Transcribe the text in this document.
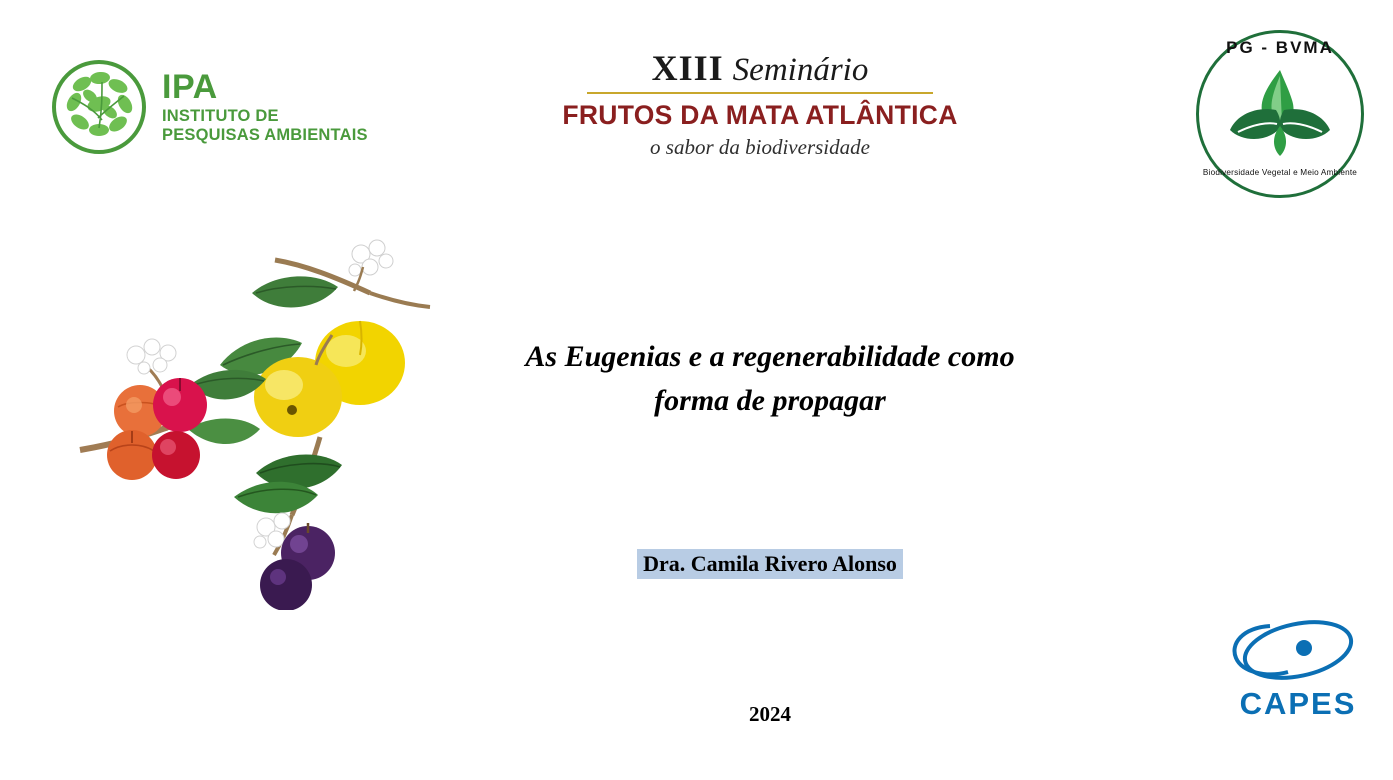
IPA
INSTITUTO DE
PESQUISAS AMBIENTAIS
XIII Seminário
FRUTOS DA MATA ATLÂNTICA
o sabor da biodiversidade
PG - BVMA
Biodiversidade Vegetal e Meio Ambiente
As Eugenias e a regenerabilidade como
forma de propagar
Dra. Camila Rivero Alonso
2024	CAPES
